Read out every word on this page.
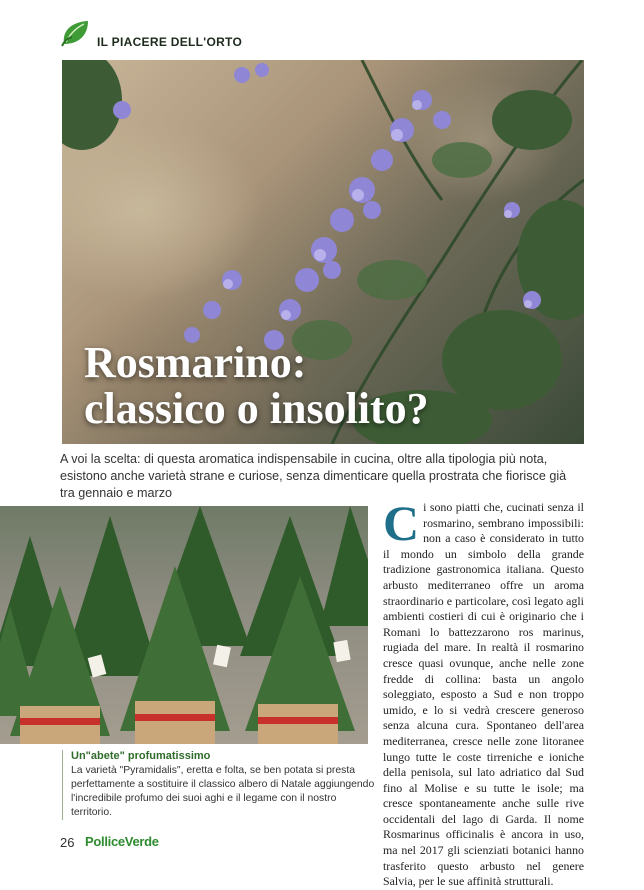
IL PIACERE DELL'ORTO
Rosmarino:
classico o insolito?

A voi la scelta: di questa aromatica indispensabile in cucina, oltre alla tipologia più nota, esistono anche varietà strane e curiose, senza dimenticare quella prostrata che fiorisce già tra gennaio e marzo

Un"abete" profumatissimo

La varietà "Pyramidalis", eretta e folta, se ben potata si presta perfettamente a sostituire il classico albero di Natale aggiungendo l'incredibile profumo dei suoi aghi e il legame con il nostro territorio.

C i sono piatti che, cucinati senza il rosmarino, sembrano impossibili: non a caso è considerato in tutto il mondo un simbolo della grande tradizione gastronomica italiana. Questo arbusto mediterraneo offre un aroma straordinario e particolare, così legato agli ambienti costieri di cui è originario che i Romani lo battezzarono ros marinus, rugiada del mare. In realtà il rosmarino cresce quasi ovunque, anche nelle zone fredde di collina: basta un angolo soleggiato, esposto a Sud e non troppo umido, e lo si vedrà crescere generoso senza alcuna cura. Spontaneo dell'area mediterranea, cresce nelle zone litoranee lungo tutte le coste tirreniche e ioniche della penisola, sul lato adriatico dal Sud fino al Molise e su tutte le isole; ma cresce spontaneamente anche sulle rive occidentali del lago di Garda. Il nome Rosmarinus officinalis è ancora in uso, ma nel 2017 gli scienziati botanici hanno trasferito questo arbusto nel genere Salvia, per le sue affinità strutturali.
26 PolliceVerde
